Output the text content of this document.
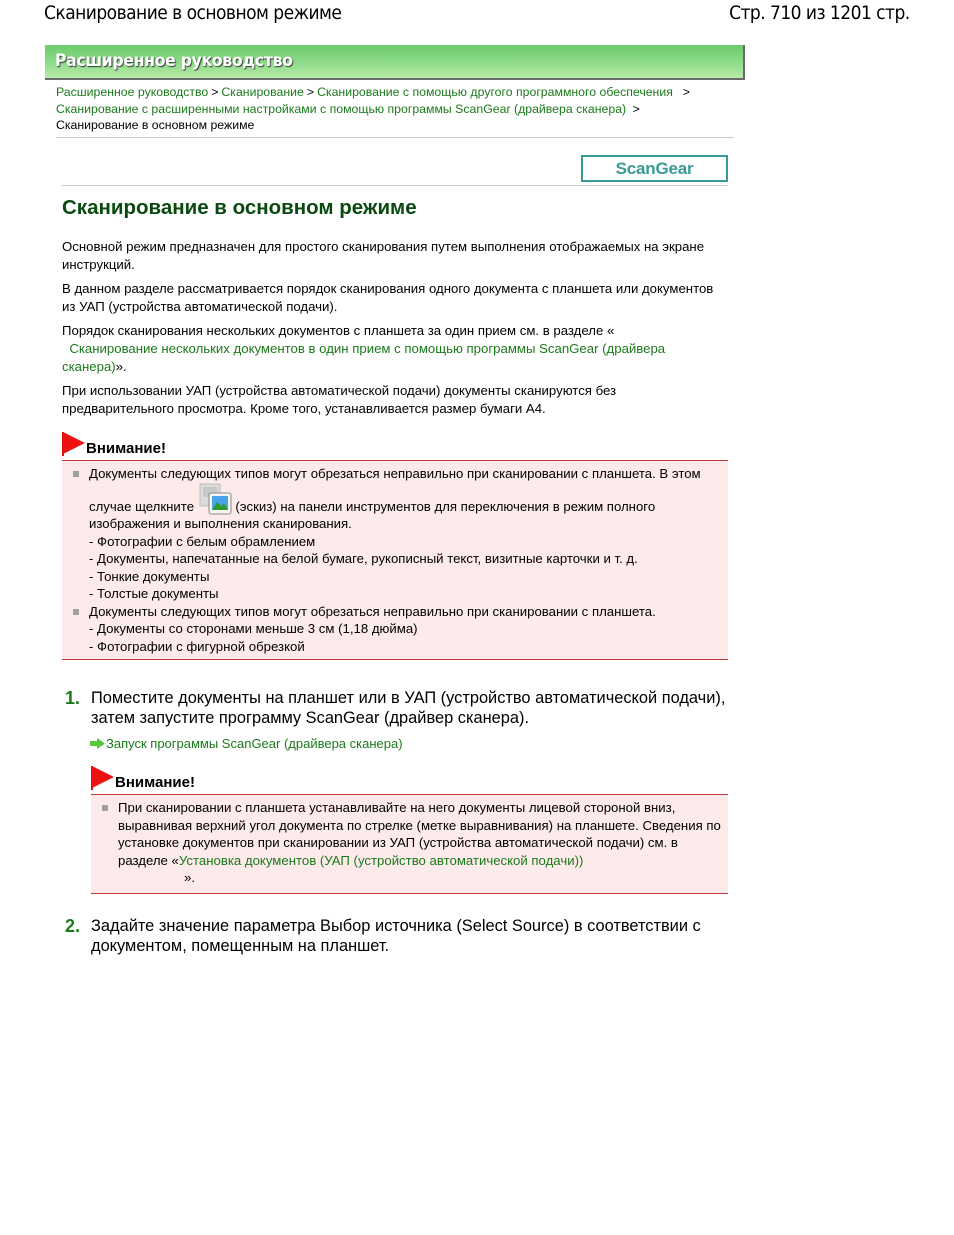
Сканирование в основном режиме	Стр. 710 из 1201 стр.
Расширенное руководство
Расширенное руководство > Сканирование > Сканирование с помощью другого программного обеспечения >
Сканирование с расширенными настройками с помощью программы ScanGear (драйвера сканера) >
Сканирование в основном режиме
ScanGear
Сканирование в основном режиме

Основной режим предназначен для простого сканирования путем выполнения отображаемых на экране инструкций.

В данном разделе рассматривается порядок сканирования одного документа с планшета или документов из УАП (устройства автоматической подачи).

Порядок сканирования нескольких документов с планшета за один прием см. в разделе «
Сканирование нескольких документов в один прием с помощью программы ScanGear (драйвера сканера)».

При использовании УАП (устройства автоматической подачи) документы сканируются без предварительного просмотра. Кроме того, устанавливается размер бумаги A4.

Внимание!
Документы следующих типов могут обрезаться неправильно при сканировании с планшета. В этом случае щелкните	(эскиз) на панели инструментов для переключения в режим полного изображения и выполнения сканирования.
- Фотографии с белым обрамлением
- Документы, напечатанные на белой бумаге, рукописный текст, визитные карточки и т. д.
- Тонкие документы
- Толстые документы
Документы следующих типов могут обрезаться неправильно при сканировании с планшета.
- Документы со сторонами меньше 3 см (1,18 дюйма)
- Фотографии с фигурной обрезкой
1. Поместите документы на планшет или в УАП (устройство автоматической подачи), затем запустите программу ScanGear (драйвер сканера).
Запуск программы ScanGear (драйвера сканера)
Внимание!
При сканировании с планшета устанавливайте на него документы лицевой стороной вниз, выравнивая верхний угол документа по стрелке (метке выравнивания) на планшете. Сведения по установке документов при сканировании из УАП (устройства автоматической подачи) см. в разделе «Установка документов (УАП (устройство автоматической подачи))
».
2. Задайте значение параметра Выбор источника (Select Source) в соответствии с документом, помещенным на планшет.
